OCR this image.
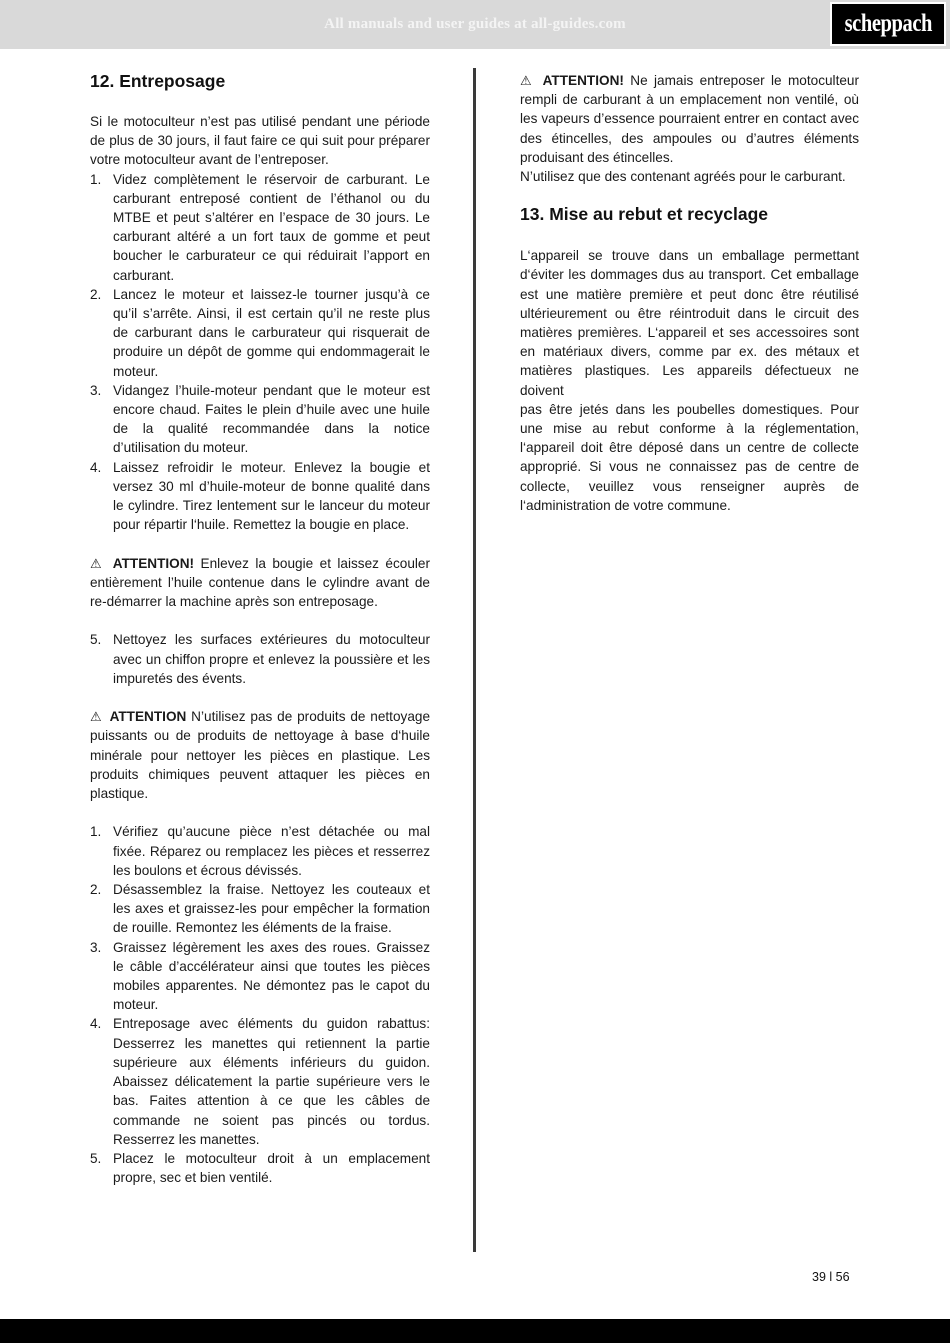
All manuals and user guides at all-guides.com	scheppach
12. Entreposage

Si le motoculteur n’est pas utilisé pendant une période de plus de 30 jours, il faut faire ce qui suit pour préparer votre motoculteur avant de l’entreposer.

1. Videz complètement le réservoir de carburant. Le carburant entreposé contient de l’éthanol ou du MTBE et peut s’altérer en l’espace de 30 jours. Le carburant altéré a un fort taux de gomme et peut boucher le carburateur ce qui réduirait l’apport en carburant.
2. Lancez le moteur et laissez-le tourner jusqu’à ce qu’il s’arrête. Ainsi, il est certain qu’il ne reste plus de carburant dans le carburateur qui risquerait de produire un dépôt de gomme qui endommagerait le moteur.
3. Vidangez l’huile-moteur pendant que le moteur est encore chaud. Faites le plein d’huile avec une huile de la qualité recommandée dans la notice d’utilisation du moteur.
4. Laissez refroidir le moteur. Enlevez la bougie et versez 30 ml d’huile-moteur de bonne qualité dans le cylindre. Tirez lentement sur le lanceur du moteur pour répartir l‘huile. Remettez la bougie en place.

⚠ ATTENTION! Enlevez la bougie et laissez écouler entièrement l’huile contenue dans le cylindre avant de re-démarrer la machine après son entreposage.

5. Nettoyez les surfaces extérieures du motoculteur avec un chiffon propre et enlevez la poussière et les impuretés des évents.

⚠ ATTENTION N’utilisez pas de produits de nettoyage puissants ou de produits de nettoyage à base d‘huile minérale pour nettoyer les pièces en plastique. Les produits chimiques peuvent attaquer les pièces en plastique.

1. Vérifiez qu’aucune pièce n’est détachée ou mal fixée. Réparez ou remplacez les pièces et resserrez les boulons et écrous dévissés.
2. Désassemblez la fraise. Nettoyez les couteaux et les axes et graissez-les pour empêcher la formation de rouille. Remontez les éléments de la fraise.
3. Graissez légèrement les axes des roues. Graissez le câble d’accélérateur ainsi que toutes les pièces mobiles apparentes. Ne démontez pas le capot du moteur.
4. Entreposage avec éléments du guidon rabattus: Desserrez les manettes qui retiennent la partie supérieure aux éléments inférieurs du guidon. Abaissez délicatement la partie supérieure vers le bas. Faites attention à ce que les câbles de commande ne soient pas pincés ou tordus. Resserrez les manettes.
5. Placez le motoculteur droit à un emplacement propre, sec et bien ventilé.

⚠ ATTENTION! Ne jamais entreposer le motoculteur rempli de carburant à un emplacement non ventilé, où les vapeurs d’essence pourraient entrer en contact avec des étincelles, des ampoules ou d’autres éléments produisant des étincelles.

N’utilisez que des contenant agréés pour le carburant.

13. Mise au rebut et recyclage

L‘appareil se trouve dans un emballage permettant d‘éviter les dommages dus au transport. Cet emballage est une matière première et peut donc être réutilisé ultérieurement ou être réintroduit dans le circuit des matières premières. L‘appareil et ses accessoires sont en matériaux divers, comme par ex. des métaux et matières plastiques. Les appareils défectueux ne doivent

pas être jetés dans les poubelles domestiques. Pour une mise au rebut conforme à la réglementation, l‘appareil doit être déposé dans un centre de collecte approprié. Si vous ne connaissez pas de centre de collecte, veuillez vous renseigner auprès de l‘administration de votre commune.

39 l 56
